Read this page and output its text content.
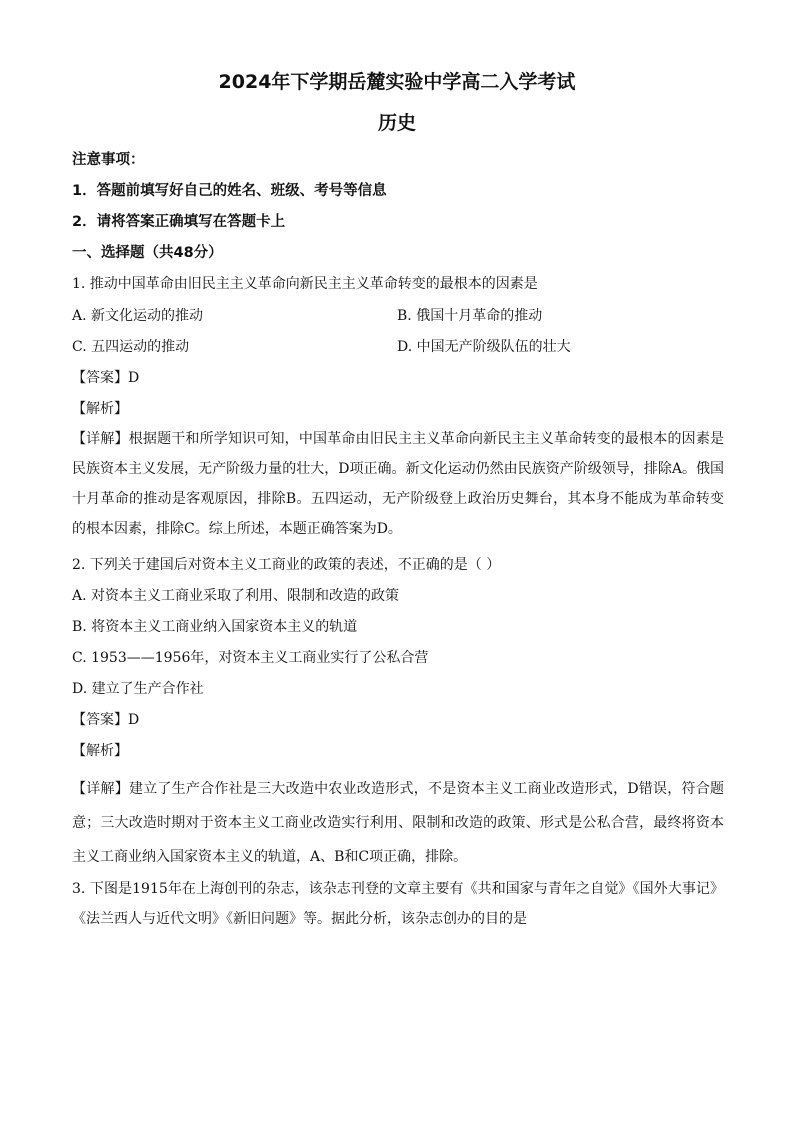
2024年下学期岳麓实验中学高二入学考试
历史
注意事项：
1．答题前填写好自己的姓名、班级、考号等信息
2．请将答案正确填写在答题卡上
一、选择题（共48分）
1. 推动中国革命由旧民主主义革命向新民主主义革命转变的最根本的因素是
A. 新文化运动的推动	B. 俄国十月革命的推动
C. 五四运动的推动	D. 中国无产阶级队伍的壮大
【答案】D
【解析】
【详解】根据题干和所学知识可知，中国革命由旧民主主义革命向新民主主义革命转变的最根本的因素是民族资本主义发展，无产阶级力量的壮大，D项正确。新文化运动仍然由民族资产阶级领导，排除A。俄国十月革命的推动是客观原因，排除B。五四运动，无产阶级登上政治历史舞台，其本身不能成为革命转变的根本因素，排除C。综上所述，本题正确答案为D。
2. 下列关于建国后对资本主义工商业的政策的表述，不正确的是（ ）
A. 对资本主义工商业采取了利用、限制和改造的政策
B. 将资本主义工商业纳入国家资本主义的轨道
C. 1953——1956年，对资本主义工商业实行了公私合营
D. 建立了生产合作社
【答案】D
【解析】
【详解】建立了生产合作社是三大改造中农业改造形式，不是资本主义工商业改造形式，D错误，符合题意；三大改造时期对于资本主义工商业改造实行利用、限制和改造的政策、形式是公私合营，最终将资本主义工商业纳入国家资本主义的轨道，A、B和C项正确，排除。
3. 下图是1915年在上海创刊的杂志，该杂志刊登的文章主要有《共和国家与青年之自觉》《国外大事记》《法兰西人与近代文明》《新旧问题》等。据此分析，该杂志创办的目的是
